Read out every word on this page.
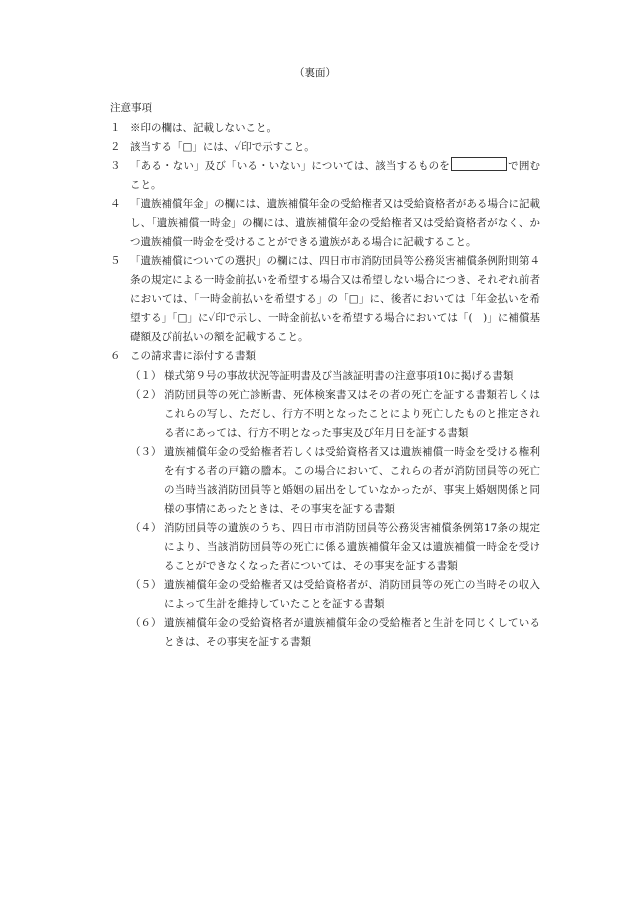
（裏面）
注意事項
１ ※印の欄は、記載しないこと。
２ 該当する「□」には、✓印で示すこと。
３ 「ある・ない」及び「いる・いない」については、該当するものを	で囲むこと。
４ 「遺族補償年金」の欄には、遺族補償年金の受給権者又は受給資格者がある場合に記載し、「遺族補償一時金」の欄には、遺族補償年金の受給権者又は受給資格者がなく、かつ遺族補償一時金を受けることができる遺族がある場合に記載すること。
５ 「遺族補償についての選択」の欄には、四日市市消防団員等公務災害補償条例附則第４条の規定による一時金前払いを希望する場合又は希望しない場合につき、それぞれ前者においては、「一時金前払いを希望する」の「□」に、後者においては「年金払いを希望する」「□」に✓印で示し、一時金前払いを希望する場合においては「(　)」に補償基礎額及び前払いの額を記載すること。
６ この請求書に添付する書類
（１） 様式第９号の事故状況等証明書及び当該証明書の注意事項10に掲げる書類
（２） 消防団員等の死亡診断書、死体検案書又はその者の死亡を証する書類若しくはこれらの写し、ただし、行方不明となったことにより死亡したものと推定される者にあっては、行方不明となった事実及び年月日を証する書類
（３） 遺族補償年金の受給権者若しくは受給資格者又は遺族補償一時金を受ける権利を有する者の戸籍の謄本。この場合において、これらの者が消防団員等の死亡の当時当該消防団員等と婚姻の届出をしていなかったが、事実上婚姻関係と同様の事情にあったときは、その事実を証する書類
（４） 消防団員等の遺族のうち、四日市市消防団員等公務災害補償条例第17条の規定により、当該消防団員等の死亡に係る遺族補償年金又は遺族補償一時金を受けることができなくなった者については、その事実を証する書類
（５） 遺族補償年金の受給権者又は受給資格者が、消防団員等の死亡の当時その収入によって生計を維持していたことを証する書類
（６） 遺族補償年金の受給資格者が遺族補償年金の受給権者と生計を同じくしているときは、その事実を証する書類
